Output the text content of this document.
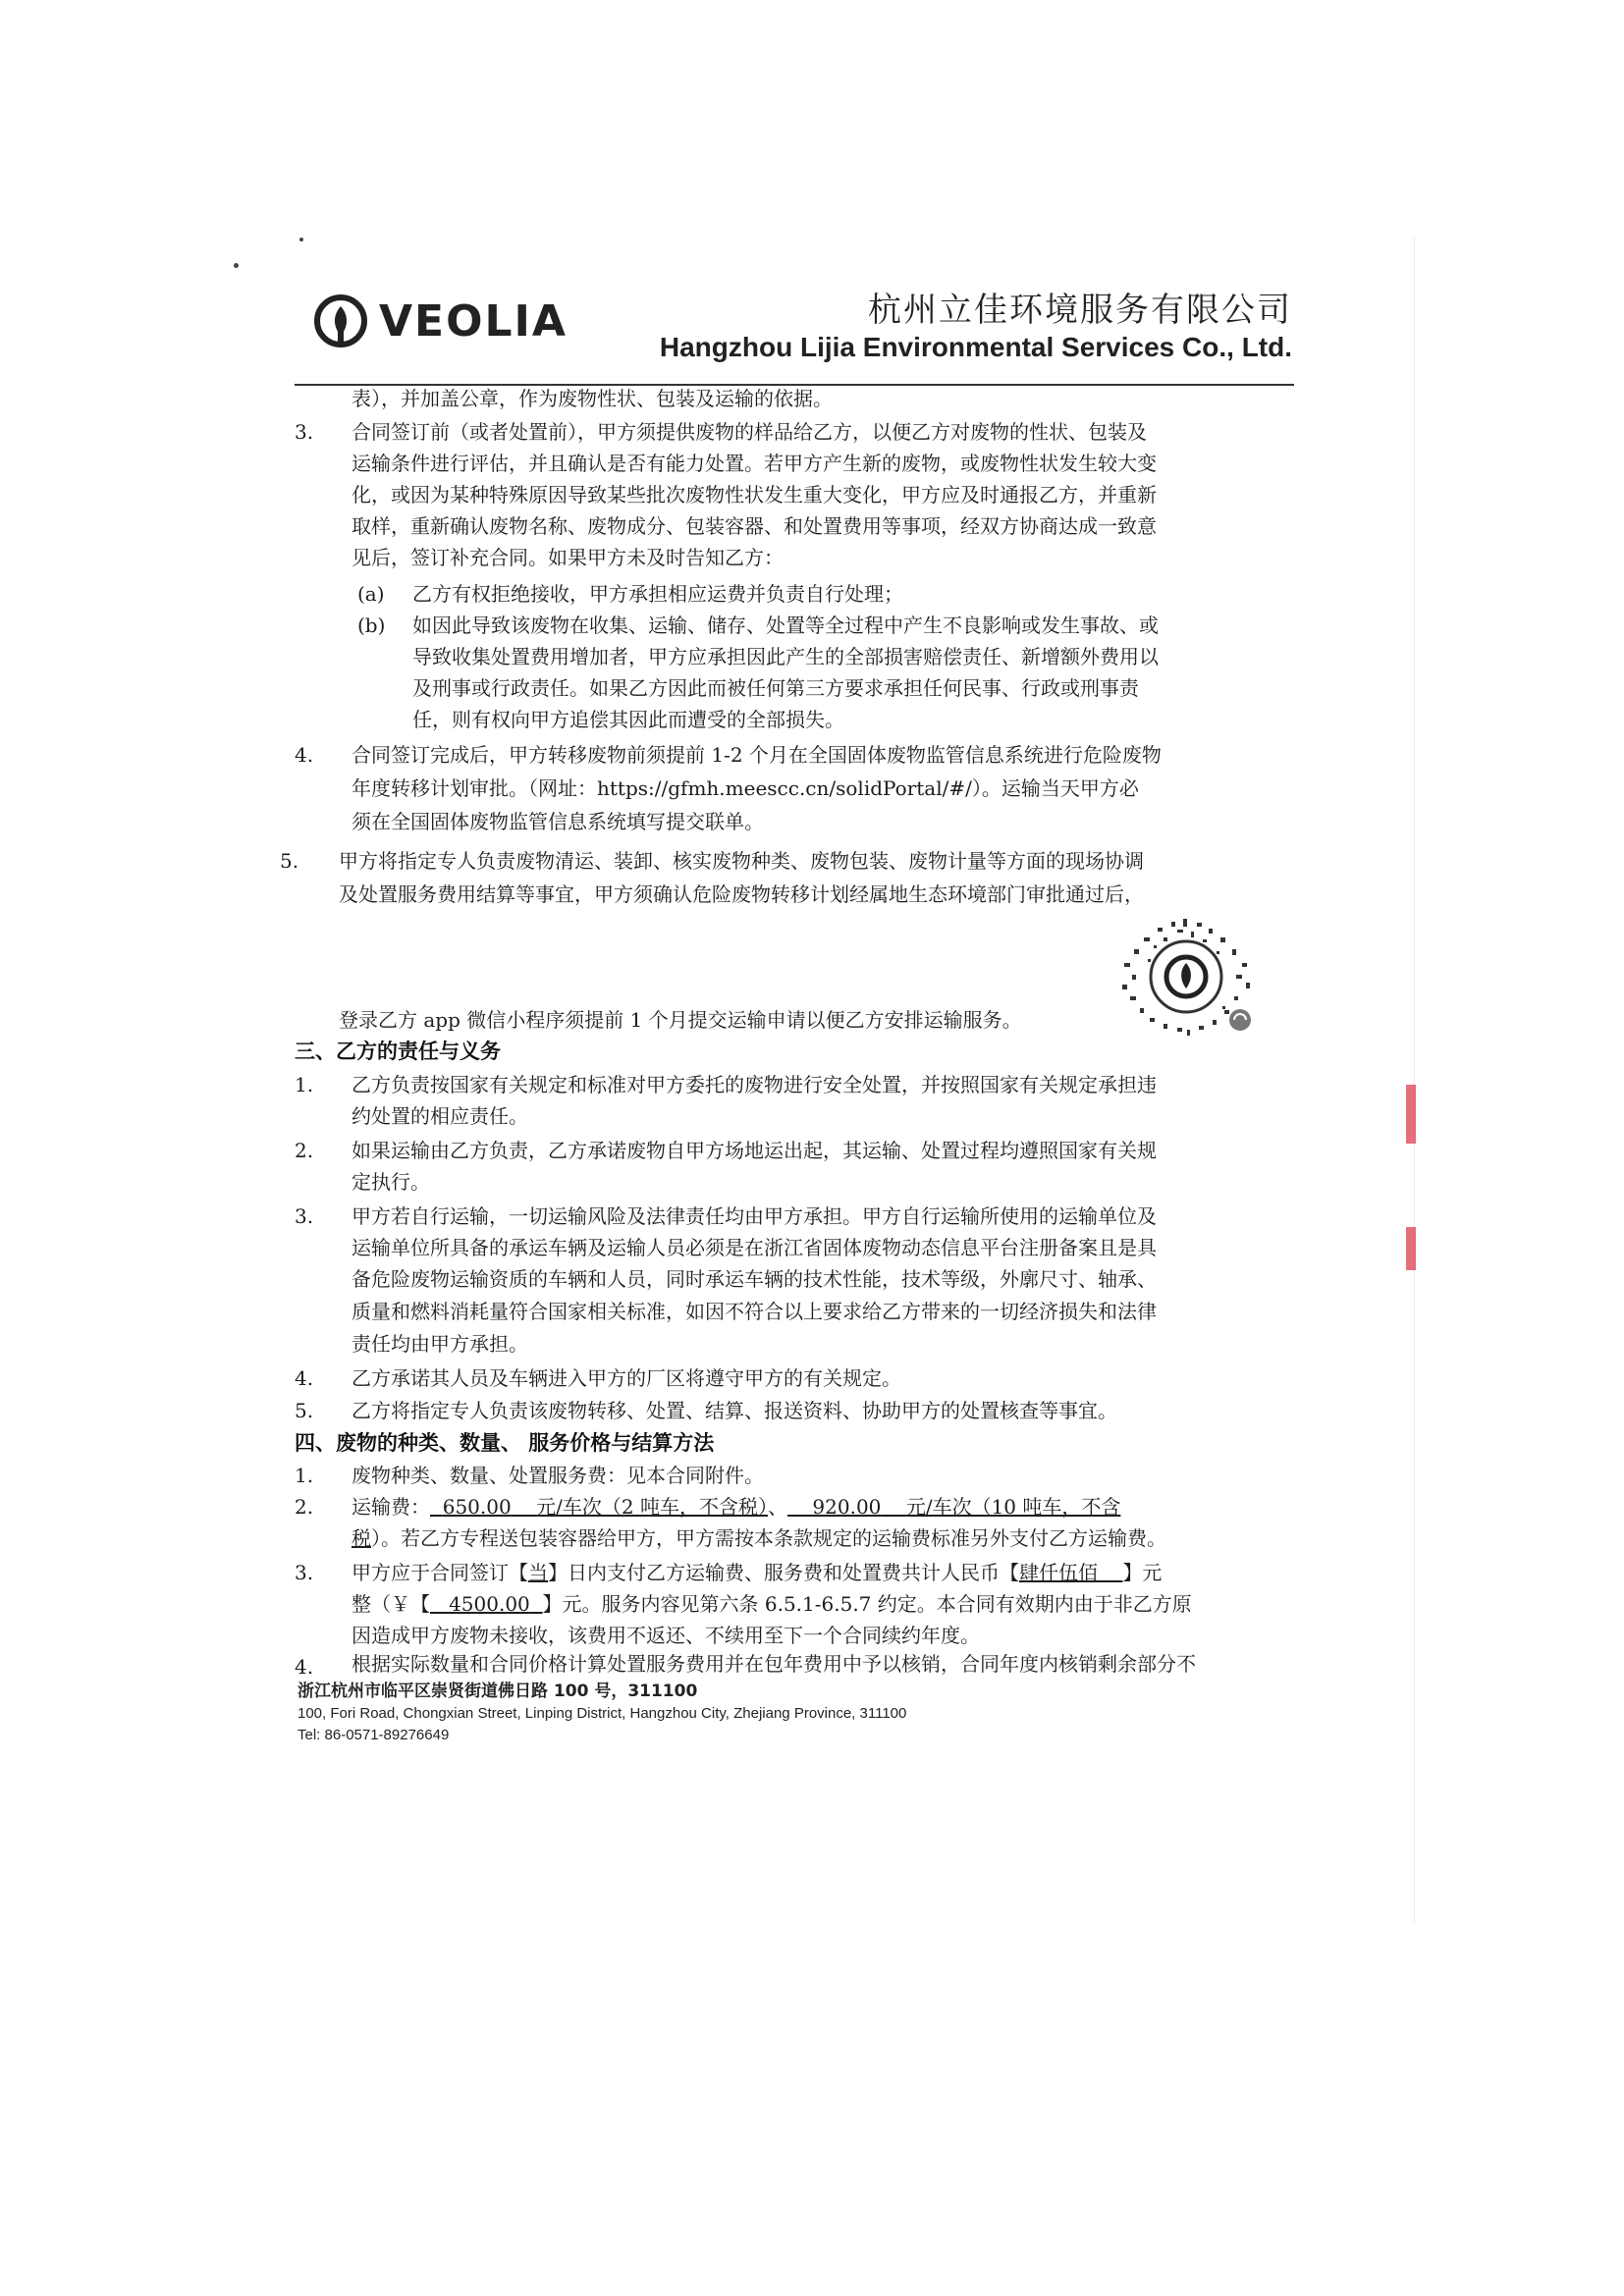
VEOLIA	杭州立佳环境服务有限公司
Hangzhou Lijia Environmental Services Co., Ltd.
表），并加盖公章，作为废物性状、包装及运输的依据。
3. 合同签订前（或者处置前），甲方须提供废物的样品给乙方，以便乙方对废物的性状、包装及
运输条件进行评估，并且确认是否有能力处置。若甲方产生新的废物，或废物性状发生较大变
化，或因为某种特殊原因导致某些批次废物性状发生重大变化，甲方应及时通报乙方，并重新
取样，重新确认废物名称、废物成分、包装容器、和处置费用等事项，经双方协商达成一致意
见后，签订补充合同。如果甲方未及时告知乙方：
(a) 乙方有权拒绝接收，甲方承担相应运费并负责自行处理；
(b) 如因此导致该废物在收集、运输、储存、处置等全过程中产生不良影响或发生事故、或
导致收集处置费用增加者，甲方应承担因此产生的全部损害赔偿责任、新增额外费用以
及刑事或行政责任。如果乙方因此而被任何第三方要求承担任何民事、行政或刑事责
任，则有权向甲方追偿其因此而遭受的全部损失。
4. 合同签订完成后，甲方转移废物前须提前 1-2 个月在全国固体废物监管信息系统进行危险废物
年度转移计划审批。（网址：https://gfmh.meescc.cn/solidPortal/#/）。运输当天甲方必
须在全国固体废物监管信息系统填写提交联单。
5. 甲方将指定专人负责废物清运、装卸、核实废物种类、废物包装、废物计量等方面的现场协调
及处置服务费用结算等事宜，甲方须确认危险废物转移计划经属地生态环境部门审批通过后，
登录乙方 app 微信小程序须提前 1 个月提交运输申请以便乙方安排运输服务。
三、乙方的责任与义务
1. 乙方负责按国家有关规定和标准对甲方委托的废物进行安全处置，并按照国家有关规定承担违
约处置的相应责任。
2. 如果运输由乙方负责，乙方承诺废物自甲方场地运出起，其运输、处置过程均遵照国家有关规
定执行。
3. 甲方若自行运输，一切运输风险及法律责任均由甲方承担。甲方自行运输所使用的运输单位及
运输单位所具备的承运车辆及运输人员必须是在浙江省固体废物动态信息平台注册备案且是具
备危险废物运输资质的车辆和人员，同时承运车辆的技术性能，技术等级，外廓尺寸、轴承、
质量和燃料消耗量符合国家相关标准，如因不符合以上要求给乙方带来的一切经济损失和法律
责任均由甲方承担。
4. 乙方承诺其人员及车辆进入甲方的厂区将遵守甲方的有关规定。
5. 乙方将指定专人负责该废物转移、处置、结算、报送资料、协助甲方的处置核查等事宜。
四、废物的种类、数量、 服务价格与结算方法
1. 废物种类、数量、处置服务费：见本合同附件。
2. 运输费： 650.00 元/车次（2 吨车，不含税）、 920.00 元/车次（10 吨车，不含
税）。若乙方专程送包装容器给甲方，甲方需按本条款规定的运输费标准另外支付乙方运输费。
3. 甲方应于合同签订【当】日内支付乙方运输费、服务费和处置费共计人民币【肆仟伍佰 】元
整（￥【 4500.00 】元。服务内容见第六条 6.5.1-6.5.7 约定。本合同有效期内由于非乙方原
因造成甲方废物未接收，该费用不返还、不续用至下一个合同续约年度。
4. 根据实际数量和合同价格计算处置服务费用并在包年费用中予以核销，合同年度内核销剩余部分不
浙江杭州市临平区崇贤街道佛日路 100 号，311100
100, Fori Road, Chongxian Street, Linping District, Hangzhou City, Zhejiang Province, 311100
Tel: 86-0571-89276649
